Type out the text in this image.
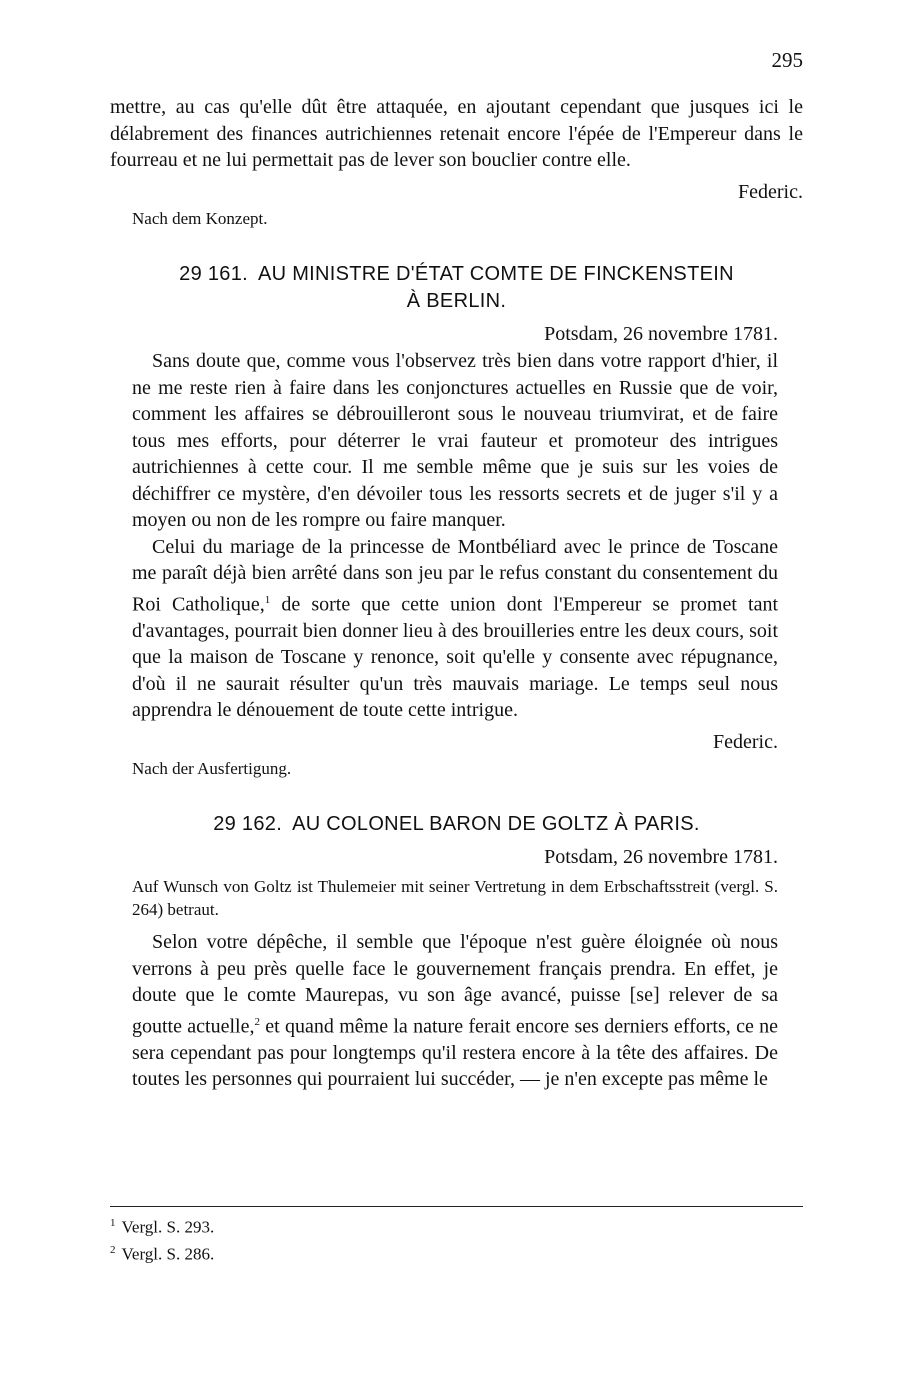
295

mettre, au cas qu'elle dût être attaquée, en ajoutant cependant que jusques ici le délabrement des finances autrichiennes retenait encore l'épée de l'Empereur dans le fourreau et ne lui permettait pas de lever son bouclier contre elle.

Federic.
Nach dem Konzept.
29 161. AU MINISTRE D'ÉTAT COMTE DE FINCKENSTEIN
À BERLIN.
Potsdam, 26 novembre 1781.

Sans doute que, comme vous l'observez très bien dans votre rapport d'hier, il ne me reste rien à faire dans les conjonctures actuelles en Russie que de voir, comment les affaires se débrouilleront sous le nouveau triumvirat, et de faire tous mes efforts, pour déterrer le vrai fauteur et promoteur des intrigues autrichiennes à cette cour. Il me semble même que je suis sur les voies de déchiffrer ce mystère, d'en dévoiler tous les ressorts secrets et de juger s'il y a moyen ou non de les rompre ou faire manquer.

Celui du mariage de la princesse de Montbéliard avec le prince de Toscane me paraît déjà bien arrêté dans son jeu par le refus constant du consentement du Roi Catholique,$^1$ de sorte que cette union dont l'Empereur se promet tant d'avantages, pourrait bien donner lieu à des brouilleries entre les deux cours, soit que la maison de Toscane y renonce, soit qu'elle y consente avec répugnance, d'où il ne saurait résulter qu'un très mauvais mariage. Le temps seul nous apprendra le dénouement de toute cette intrigue.

Federic.
Nach der Ausfertigung.
29 162. AU COLONEL BARON DE GOLTZ À PARIS.
Potsdam, 26 novembre 1781.
Auf Wunsch von Goltz ist Thulemeier mit seiner Vertretung in dem Erbschaftsstreit (vergl. S. 264) betraut.

Selon votre dépêche, il semble que l'époque n'est guère éloignée où nous verrons à peu près quelle face le gouvernement français prendra. En effet, je doute que le comte Maurepas, vu son âge avancé, puisse [se] relever de sa goutte actuelle,$^2$ et quand même la nature ferait encore ses derniers efforts, ce ne sera cependant pas pour longtemps qu'il restera encore à la tête des affaires. De toutes les personnes qui pourraient lui succéder, — je n'en excepte pas même le

$^1$ Vergl. S. 293.
$^2$ Vergl. S. 286.
